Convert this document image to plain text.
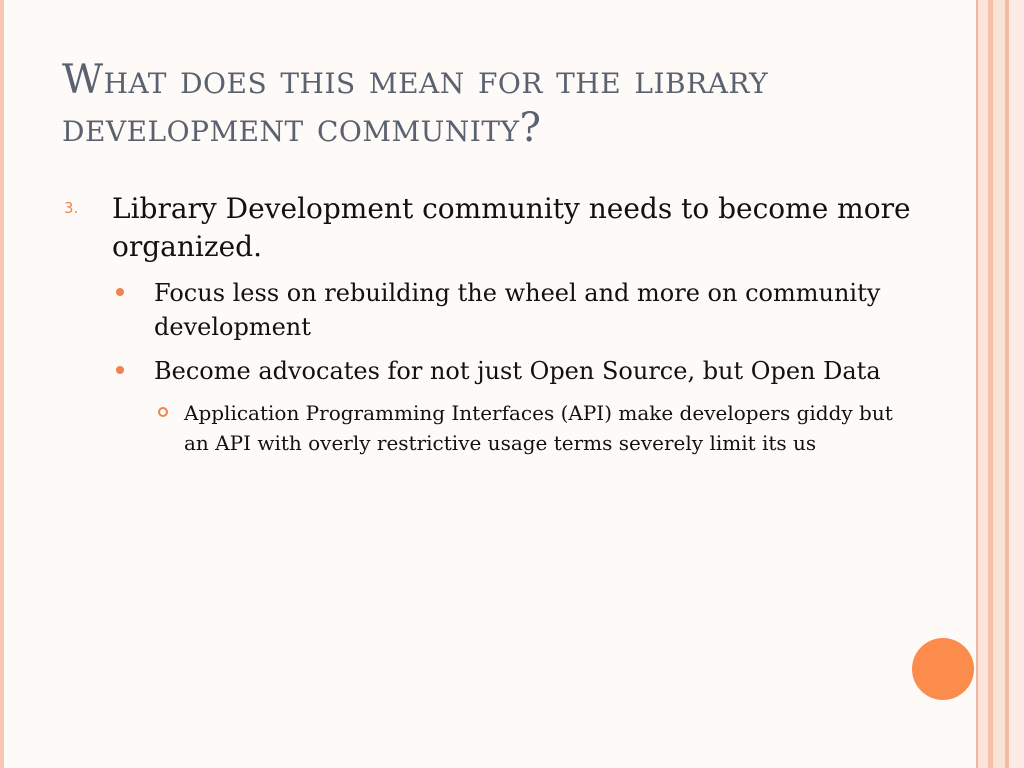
What does this mean for the library development community?
3. Library Development community needs to become more organized.
Focus less on rebuilding the wheel and more on community development
Become advocates for not just Open Source, but Open Data
Application Programming Interfaces (API) make developers giddy but an API with overly restrictive usage terms severely limit its us
